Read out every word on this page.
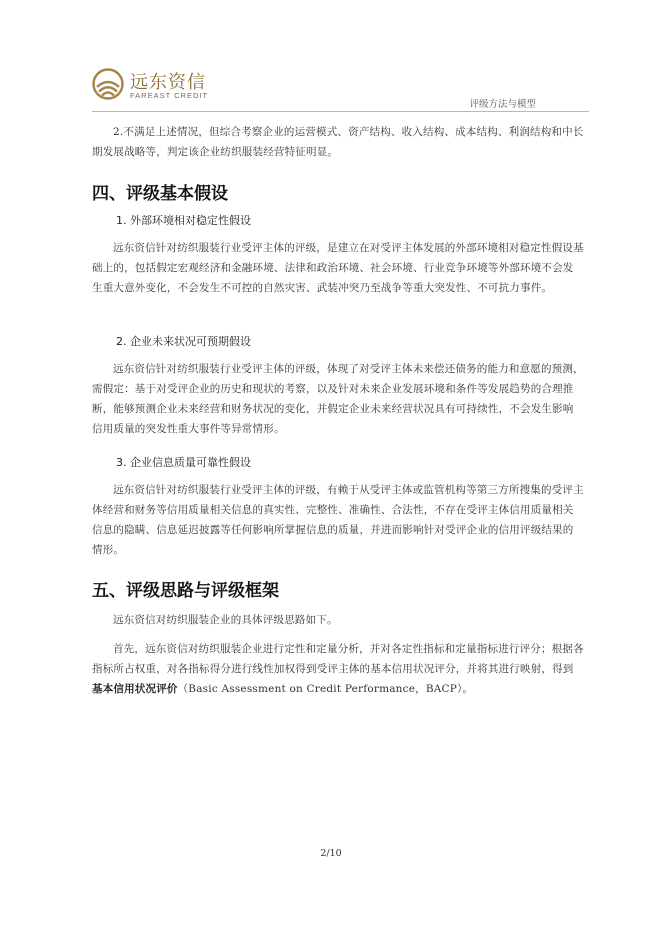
远东资信
FAREAST CREDIT
评级方法与模型
2.不满足上述情况，但综合考察企业的运营模式、资产结构、收入结构、成本结构、利润结构和中长期发展战略等，判定该企业纺织服装经营特征明显。
四、评级基本假设
1. 外部环境相对稳定性假设
远东资信针对纺织服装行业受评主体的评级，是建立在对受评主体发展的外部环境相对稳定性假设基础上的，包括假定宏观经济和金融环境、法律和政治环境、社会环境、行业竞争环境等外部环境不会发生重大意外变化，不会发生不可控的自然灾害、武装冲突乃至战争等重大突发性、不可抗力事件。
2. 企业未来状况可预期假设
远东资信针对纺织服装行业受评主体的评级，体现了对受评主体未来偿还债务的能力和意愿的预测，需假定：基于对受评企业的历史和现状的考察，以及针对未来企业发展环境和条件等发展趋势的合理推断，能够预测企业未来经营和财务状况的变化，并假定企业未来经营状况具有可持续性，不会发生影响信用质量的突发性重大事件等异常情形。
3. 企业信息质量可靠性假设
远东资信针对纺织服装行业受评主体的评级，有赖于从受评主体或监管机构等第三方所搜集的受评主体经营和财务等信用质量相关信息的真实性、完整性、准确性、合法性，不存在受评主体信用质量相关信息的隐瞒、信息延迟披露等任何影响所掌握信息的质量，并进而影响针对受评企业的信用评级结果的情形。
五、评级思路与评级框架
远东资信对纺织服装企业的具体评级思路如下。
首先，远东资信对纺织服装企业进行定性和定量分析，并对各定性指标和定量指标进行评分；根据各指标所占权重，对各指标得分进行线性加权得到受评主体的基本信用状况评分，并将其进行映射，得到基本信用状况评价（Basic Assessment on Credit Performance，BACP）。
2/10
